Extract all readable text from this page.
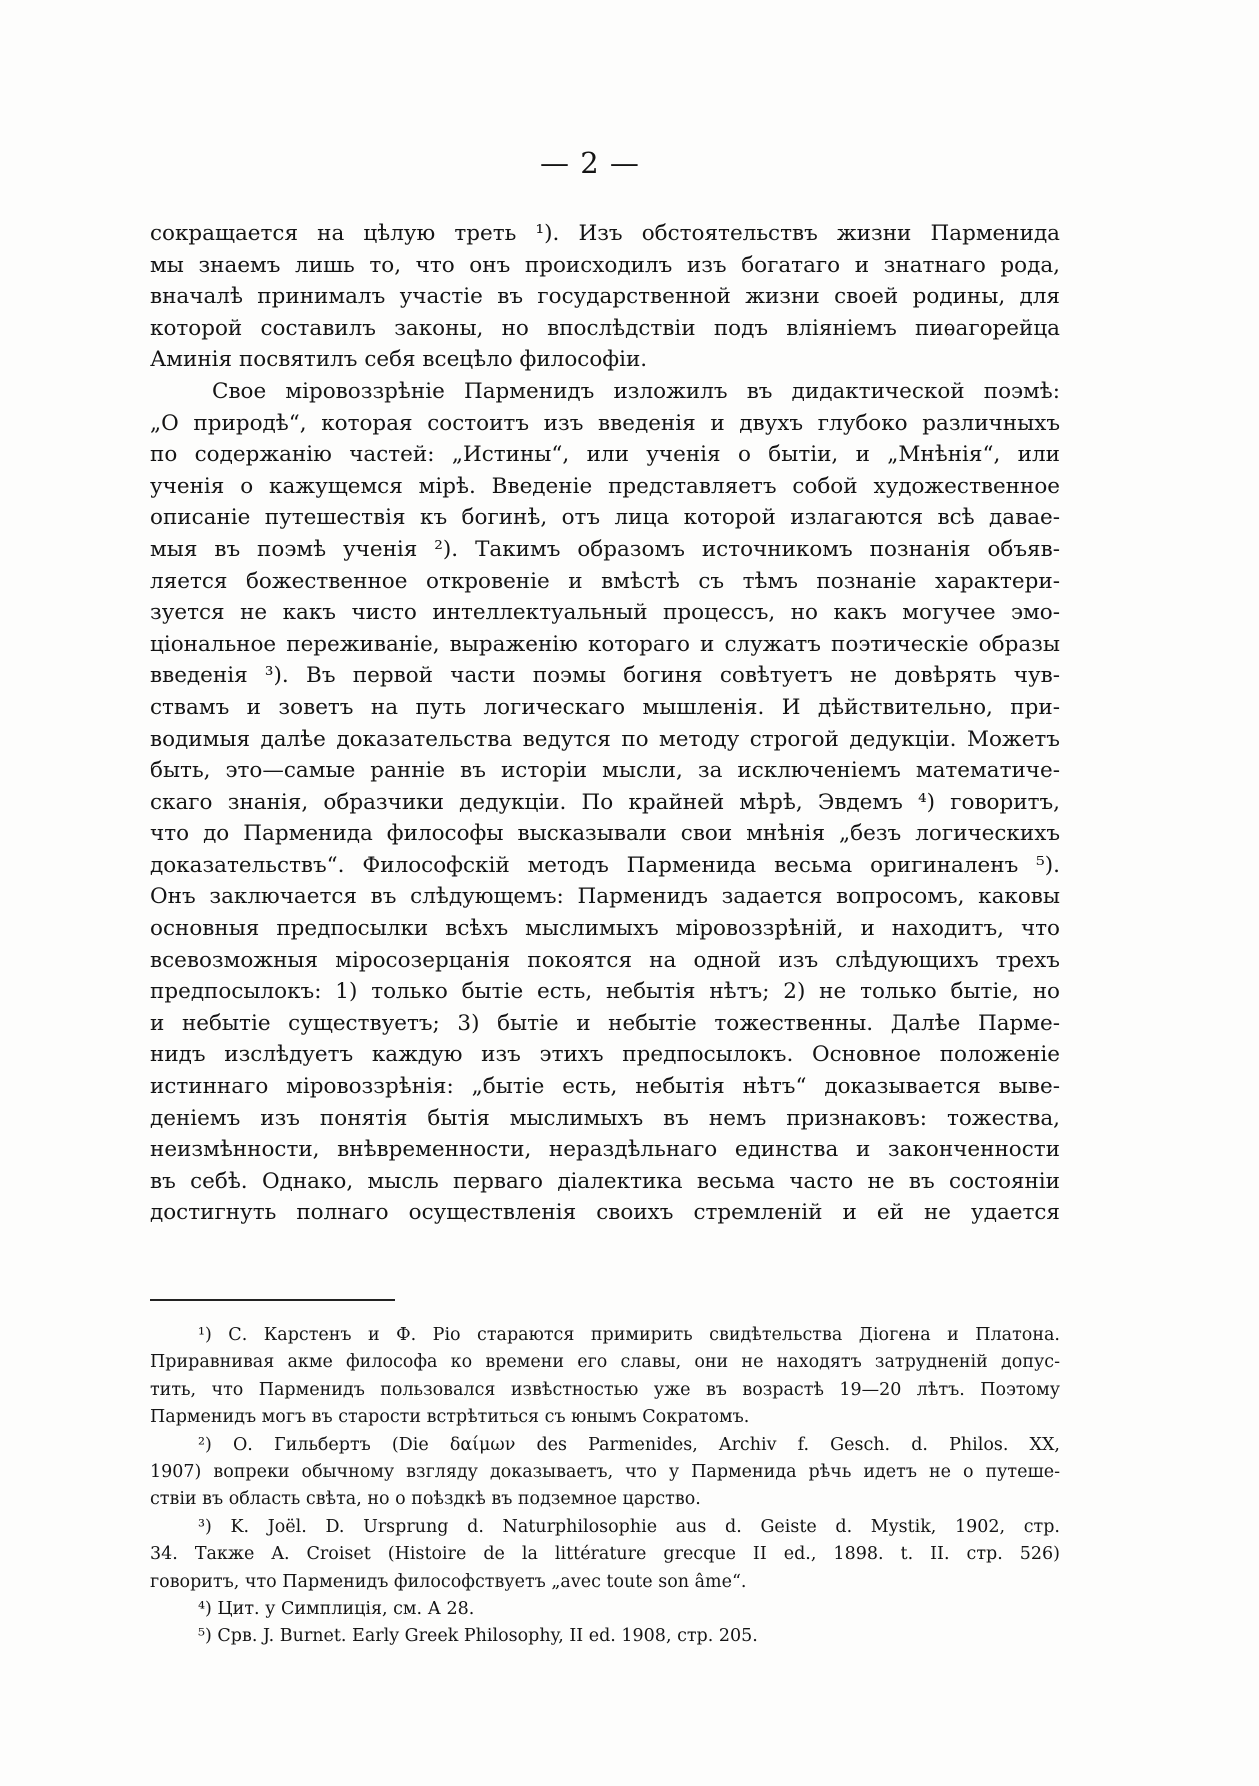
— 2 —
сокращается на цѣлую треть ¹). Изъ обстоятельствъ жизни Парменида
мы знаемъ лишь то, что онъ происходилъ изъ богатаго и знатнаго рода,
вначалѣ принималъ участіе въ государственной жизни своей родины, для
которой составилъ законы, но впослѣдствіи подъ вліяніемъ пиѳагорейца
Аминія посвятилъ себя всецѣло философіи.
Свое міровоззрѣніе Парменидъ изложилъ въ дидактической поэмѣ:
„О природѣ“, которая состоитъ изъ введенія и двухъ глубоко различныхъ
по содержанію частей: „Истины“, или ученія о бытіи, и „Мнѣнія“, или
ученія о кажущемся мірѣ. Введеніе представляетъ собой художественное
описаніе путешествія къ богинѣ, отъ лица которой излагаются всѣ даваe-
мыя въ поэмѣ ученія ²). Такимъ образомъ источникомъ познанія объяв-
ляется божественное откровеніе и вмѣстѣ съ тѣмъ познаніе характери-
зуется не какъ чисто интеллектуальный процессъ, но какъ могучее эмо-
ціональное переживаніе, выраженію котораго и служатъ поэтическіе образы
введенія ³). Въ первой части поэмы богиня совѣтуетъ не довѣрять чув-
ствамъ и зоветъ на путь логическаго мышленія. И дѣйствительно, при-
водимыя далѣе доказательства ведутся по методу строгой дедукціи. Можетъ
быть, это—самые ранніе въ исторіи мысли, за исключеніемъ математиче-
скаго знанія, образчики дедукціи. По крайней мѣрѣ, Эвдемъ ⁴) говоритъ,
что до Парменида философы высказывали свои мнѣнія „безъ логическихъ
доказательствъ“. Философскій методъ Парменида весьма оригиналенъ ⁵).
Онъ заключается въ слѣдующемъ: Парменидъ задается вопросомъ, каковы
основныя предпосылки всѣхъ мыслимыхъ міровоззрѣній, и находитъ, что
всевозможныя міросозерцанія покоятся на одной изъ слѣдующихъ трехъ
предпосылокъ: 1) только бытіе есть, небытія нѣтъ; 2) не только бытіе, но
и небытіе существуетъ; 3) бытіе и небытіе тожественны. Далѣе Парме-
нидъ изслѣдуетъ каждую изъ этихъ предпосылокъ. Основное положеніе
истиннаго міровоззрѣнія: „бытіе есть, небытія нѣтъ“ доказывается выве-
деніемъ изъ понятія бытія мыслимыхъ въ немъ признаковъ: тожества,
неизмѣнности, внѣвременности, нераздѣльнаго единства и законченности
въ себѣ. Однако, мысль перваго діалектика весьма часто не въ состоянiи
достигнуть полнаго осуществленія своихъ стремленій и ей не удается
¹) С. Карстенъ и Ф. Ріо стараются примирить свидѣтельства Діогена и Платона.
Приравнивая акме философа ко времени его славы, они не находятъ затрудненій допус-
тить, что Парменидъ пользовался извѣстностью уже въ возрастѣ 19—20 лѣтъ. Поэтому
Парменидъ могъ въ старости встрѣтиться съ юнымъ Сократомъ.
²) О. Гильбертъ (Die δαίμων des Parmenides, Archiv f. Gesch. d. Philos. XX,
1907) вопреки обычному взгляду доказываетъ, что у Парменида рѣчь идетъ не о путеше-
ствіи въ область свѣта, но о поѣздкѣ въ подземное царство.
³) K. Joël. D. Ursprung d. Naturphilosophie aus d. Geiste d. Mystik, 1902, стр.
34. Также A. Croiset (Histoire de la littérature grecque II ed., 1898. t. II. стр. 526)
говоритъ, что Парменидъ философствуетъ „avec toute son âme“.
⁴) Цит. у Симплиція, см. А 28.
⁵) Срв. J. Burnet. Early Greek Philosophy, II ed. 1908, стр. 205.
